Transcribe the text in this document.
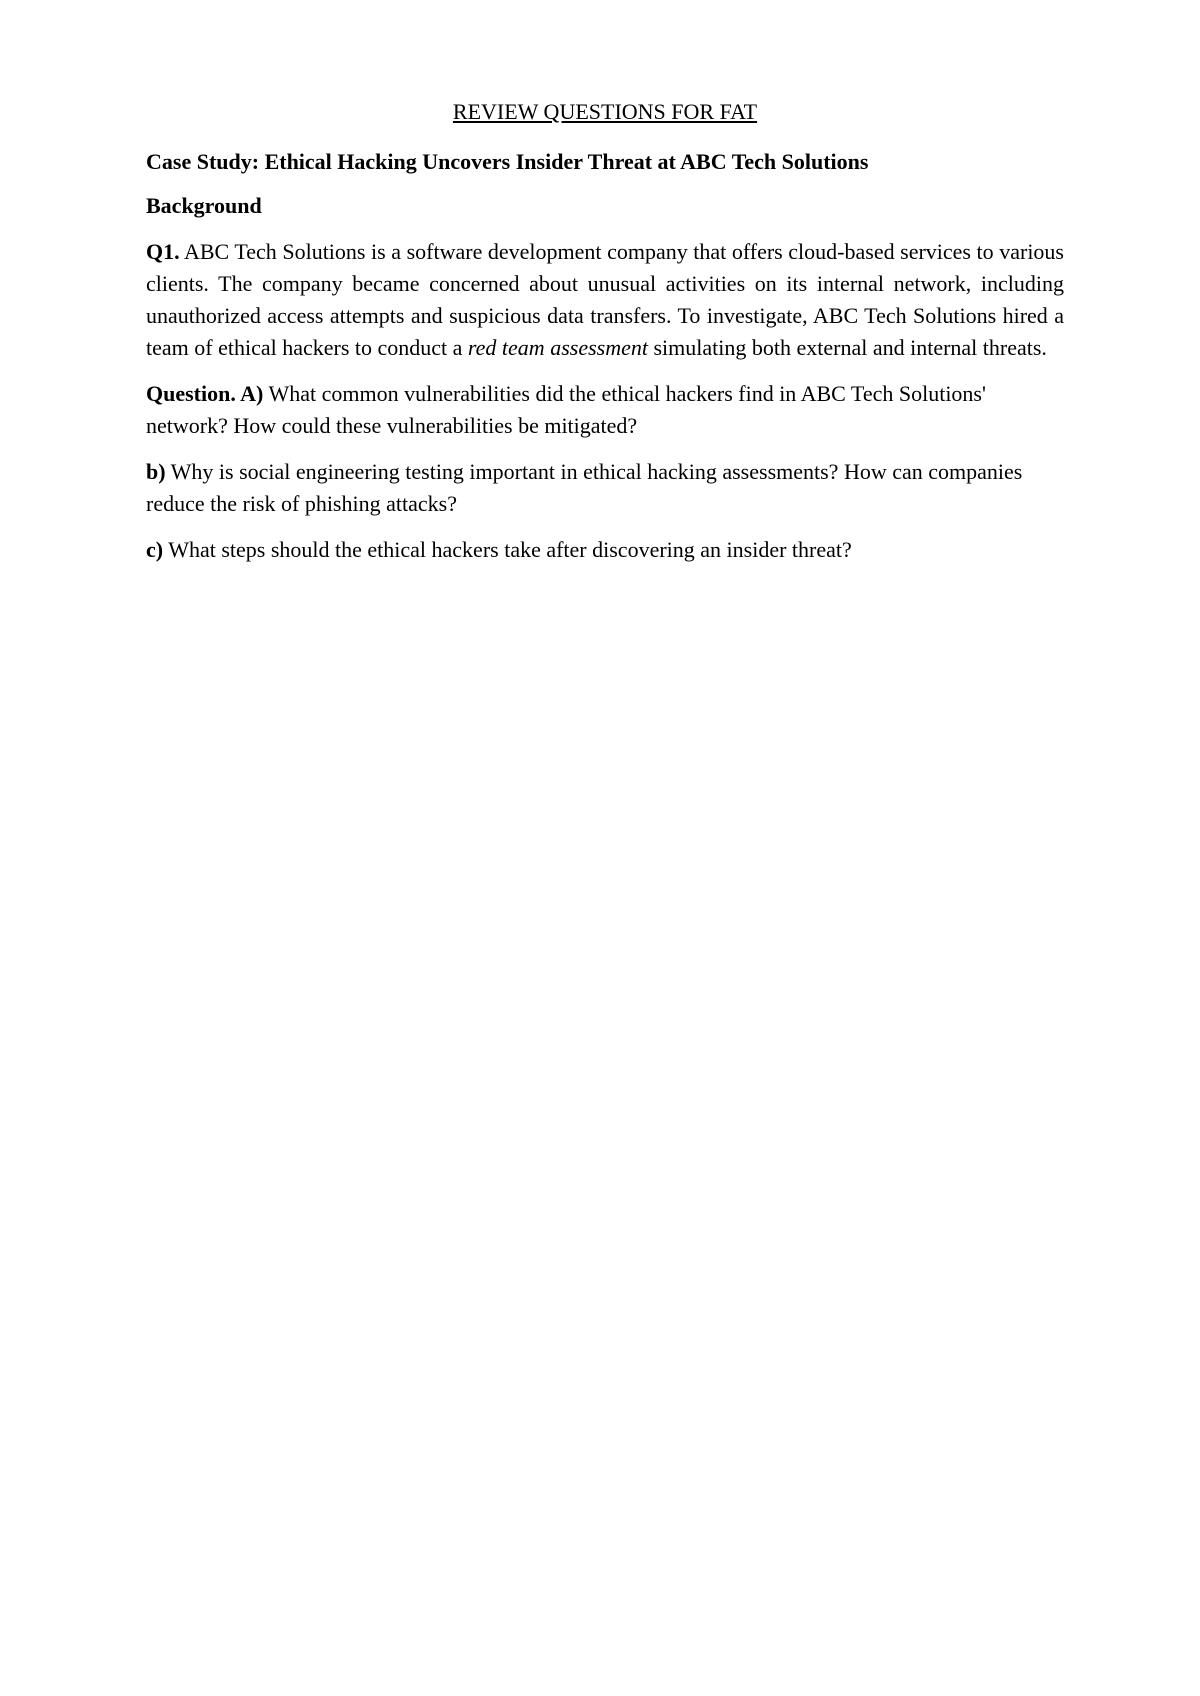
REVIEW QUESTIONS FOR FAT

Case Study: Ethical Hacking Uncovers Insider Threat at ABC Tech Solutions

Background

Q1. ABC Tech Solutions is a software development company that offers cloud-based services to various clients. The company became concerned about unusual activities on its internal network, including unauthorized access attempts and suspicious data transfers. To investigate, ABC Tech Solutions hired a team of ethical hackers to conduct a red team assessment simulating both external and internal threats.

Question. A) What common vulnerabilities did the ethical hackers find in ABC Tech Solutions' network? How could these vulnerabilities be mitigated?

b) Why is social engineering testing important in ethical hacking assessments? How can companies reduce the risk of phishing attacks?

c) What steps should the ethical hackers take after discovering an insider threat?
